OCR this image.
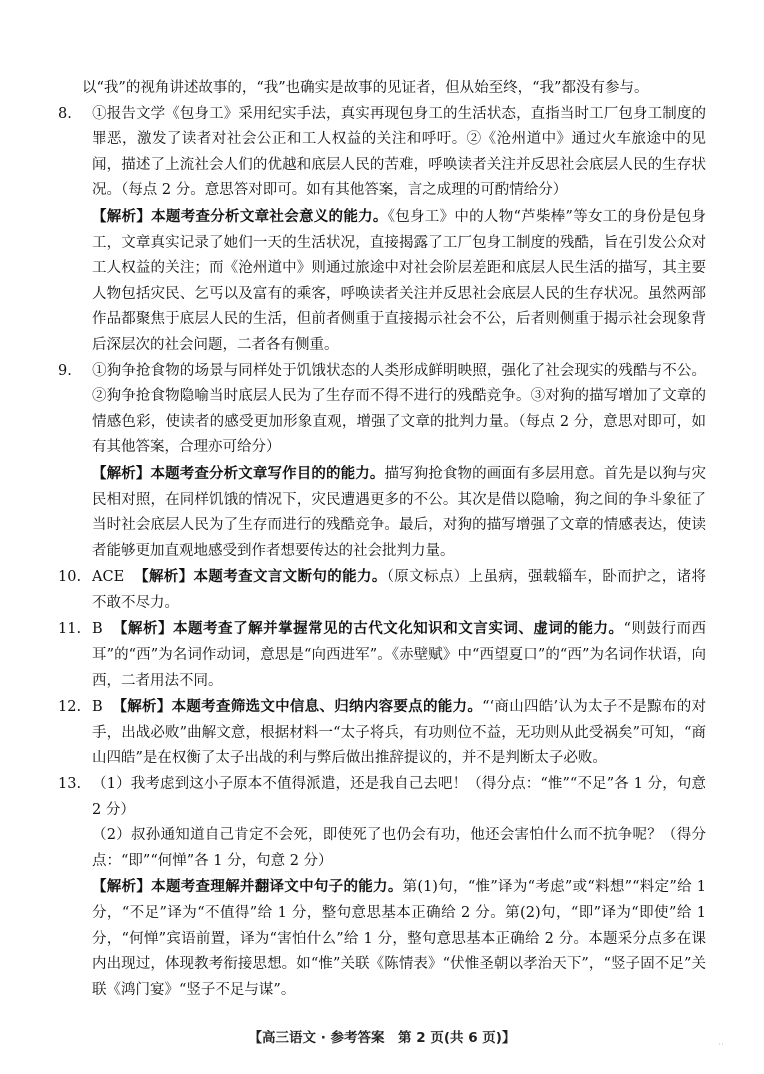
以“我”的视角讲述故事的，“我”也确实是故事的见证者，但从始至终，“我”都没有参与。

8. ①报告文学《包身工》采用纪实手法，真实再现包身工的生活状态，直指当时工厂包身工制度的罪恶，激发了读者对社会公正和工人权益的关注和呼吁。②《沧州道中》通过火车旅途中的见闻，描述了上流社会人们的优越和底层人民的苦难，呼唤读者关注并反思社会底层人民的生存状况。（每点 2 分。意思答对即可。如有其他答案，言之成理的可酌情给分）

【解析】本题考查分析文章社会意义的能力。《包身工》中的人物“芦柴棒”等女工的身份是包身工，文章真实记录了她们一天的生活状况，直接揭露了工厂包身工制度的残酷，旨在引发公众对工人权益的关注；而《沧州道中》则通过旅途中对社会阶层差距和底层人民生活的描写，其主要人物包括灾民、乞丐以及富有的乘客，呼唤读者关注并反思社会底层人民的生存状况。虽然两部作品都聚焦于底层人民的生活，但前者侧重于直接揭示社会不公，后者则侧重于揭示社会现象背后深层次的社会问题，二者各有侧重。

9. ①狗争抢食物的场景与同样处于饥饿状态的人类形成鲜明映照，强化了社会现实的残酷与不公。②狗争抢食物隐喻当时底层人民为了生存而不得不进行的残酷竞争。③对狗的描写增加了文章的情感色彩，使读者的感受更加形象直观，增强了文章的批判力量。（每点 2 分，意思对即可，如有其他答案，合理亦可给分）

【解析】本题考查分析文章写作目的的能力。描写狗抢食物的画面有多层用意。首先是以狗与灾民相对照，在同样饥饿的情况下，灾民遭遇更多的不公。其次是借以隐喻，狗之间的争斗象征了当时社会底层人民为了生存而进行的残酷竞争。最后，对狗的描写增强了文章的情感表达，使读者能够更加直观地感受到作者想要传达的社会批判力量。

10. ACE 【解析】本题考查文言文断句的能力。（原文标点）上虽病，强载辎车，卧而护之，诸将不敢不尽力。

11. B 【解析】本题考查了解并掌握常见的古代文化知识和文言实词、虚词的能力。“则鼓行而西耳”的“西”为名词作动词，意思是“向西进军”。《赤壁赋》中“西望夏口”的“西”为名词作状语，向西，二者用法不同。

12. B 【解析】本题考查筛选文中信息、归纳内容要点的能力。“‘商山四皓’认为太子不是黥布的对手，出战必败”曲解文意，根据材料一“太子将兵，有功则位不益，无功则从此受祸矣”可知，“商山四皓”是在权衡了太子出战的利与弊后做出推辞提议的，并不是判断太子必败。

13. （1）我考虑到这小子原本不值得派遣，还是我自己去吧！（得分点：“惟”“不足”各 1 分，句意 2 分）

（2）叔孙通知道自己肯定不会死，即使死了也仍会有功，他还会害怕什么而不抗争呢？（得分点：“即”“何惮”各 1 分，句意 2 分）

【解析】本题考查理解并翻译文中句子的能力。第(1)句，“惟”译为“考虑”或“料想”“料定”给 1 分，“不足”译为“不值得”给 1 分，整句意思基本正确给 2 分。第(2)句，“即”译为“即使”给 1 分，“何惮”宾语前置，译为“害怕什么”给 1 分，整句意思基本正确给 2 分。本题采分点多在课内出现过，体现教考衔接思想。如“惟”关联《陈情表》“伏惟圣朝以孝治天下”，“竖子固不足”关联《鸿门宴》“竖子不足与谋”。

【高三语文 · 参考答案　第 2 页(共 6 页)】	··
